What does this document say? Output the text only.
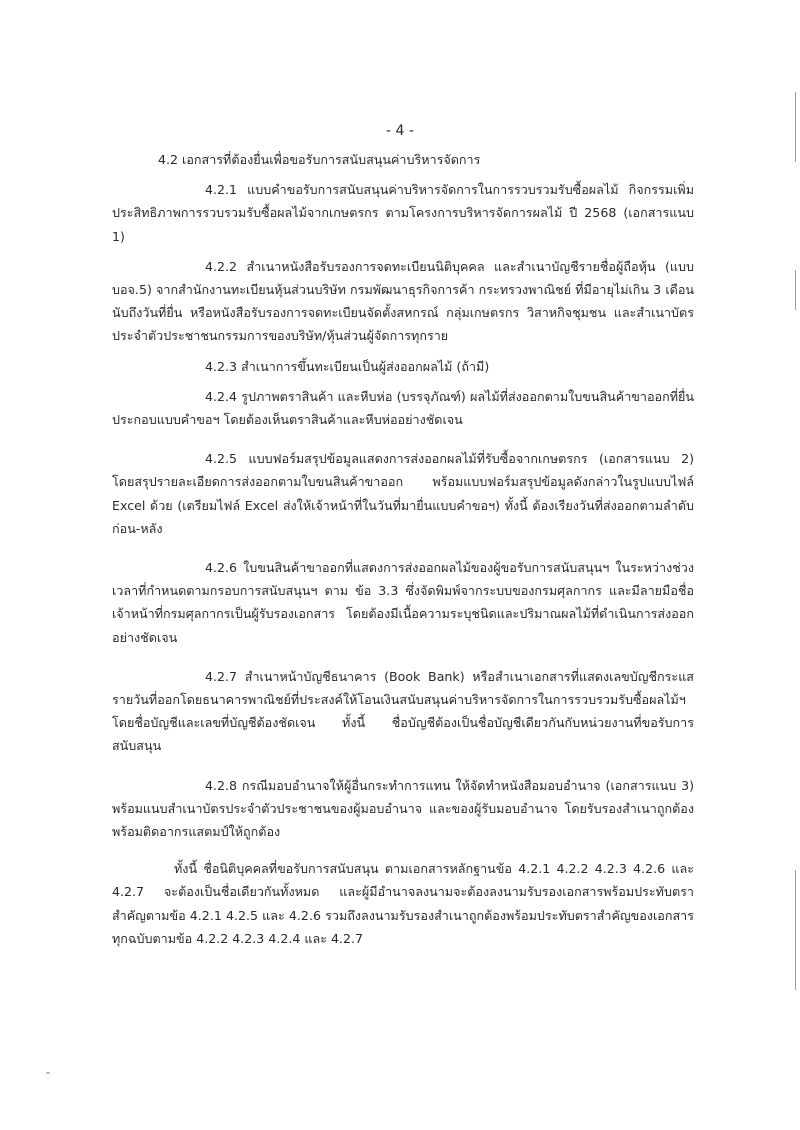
- 4 -

4.2 เอกสารที่ต้องยื่นเพื่อขอรับการสนับสนุนค่าบริหารจัดการ

4.2.1 แบบคำขอรับการสนับสนุนค่าบริหารจัดการในการรวบรวมรับซื้อผลไม้ กิจกรรมเพิ่มประสิทธิภาพการรวบรวมรับซื้อผลไม้จากเกษตรกร ตามโครงการบริหารจัดการผลไม้ ปี 2568 (เอกสารแนบ 1)

4.2.2 สำเนาหนังสือรับรองการจดทะเบียนนิติบุคคล และสำเนาบัญชีรายชื่อผู้ถือหุ้น (แบบ บอจ.5) จากสำนักงานทะเบียนหุ้นส่วนบริษัท กรมพัฒนาธุรกิจการค้า กระทรวงพาณิชย์ ที่มีอายุไม่เกิน 3 เดือน นับถึงวันที่ยื่น หรือหนังสือรับรองการจดทะเบียนจัดตั้งสหกรณ์ กลุ่มเกษตรกร วิสาหกิจชุมชน และสำเนาบัตรประจำตัวประชาชนกรรมการของบริษัท/หุ้นส่วนผู้จัดการทุกราย

4.2.3 สำเนาการขึ้นทะเบียนเป็นผู้ส่งออกผลไม้ (ถ้ามี)

4.2.4 รูปภาพตราสินค้า และหีบห่อ (บรรจุภัณฑ์) ผลไม้ที่ส่งออกตามใบขนสินค้าขาออกที่ยื่นประกอบแบบคำขอฯ โดยต้องเห็นตราสินค้าและหีบห่ออย่างชัดเจน

4.2.5 แบบฟอร์มสรุปข้อมูลแสดงการส่งออกผลไม้ที่รับซื้อจากเกษตรกร (เอกสารแนบ 2) โดยสรุปรายละเอียดการส่งออกตามใบขนสินค้าขาออก พร้อมแบบฟอร์มสรุปข้อมูลดังกล่าวในรูปแบบไฟล์ Excel ด้วย (เตรียมไฟล์ Excel ส่งให้เจ้าหน้าที่ในวันที่มายื่นแบบคำขอฯ) ทั้งนี้ ต้องเรียงวันที่ส่งออกตามลำดับก่อน-หลัง

4.2.6 ใบขนสินค้าขาออกที่แสดงการส่งออกผลไม้ของผู้ขอรับการสนับสนุนฯ ในระหว่างช่วงเวลาที่กำหนดตามกรอบการสนับสนุนฯ ตาม ข้อ 3.3 ซึ่งจัดพิมพ์จากระบบของกรมศุลกากร และมีลายมือชื่อเจ้าหน้าที่กรมศุลกากรเป็นผู้รับรองเอกสาร โดยต้องมีเนื้อความระบุชนิดและปริมาณผลไม้ที่ดำเนินการส่งออกอย่างชัดเจน

4.2.7 สำเนาหน้าบัญชีธนาคาร (Book Bank) หรือสำเนาเอกสารที่แสดงเลขบัญชีกระแสรายวันที่ออกโดยธนาคารพาณิชย์ที่ประสงค์ให้โอนเงินสนับสนุนค่าบริหารจัดการในการรวบรวมรับซื้อผลไม้ฯ โดยชื่อบัญชีและเลขที่บัญชีต้องชัดเจน ทั้งนี้ ชื่อบัญชีต้องเป็นชื่อบัญชีเดียวกันกับหน่วยงานที่ขอรับการสนับสนุน

4.2.8 กรณีมอบอำนาจให้ผู้อื่นกระทำการแทน ให้จัดทำหนังสือมอบอำนาจ (เอกสารแนบ 3) พร้อมแนบสำเนาบัตรประจำตัวประชาชนของผู้มอบอำนาจ และของผู้รับมอบอำนาจ โดยรับรองสำเนาถูกต้อง พร้อมติดอากรแสตมป์ให้ถูกต้อง

ทั้งนี้ ชื่อนิติบุคคลที่ขอรับการสนับสนุน ตามเอกสารหลักฐานข้อ 4.2.1 4.2.2 4.2.3 4.2.6 และ 4.2.7 จะต้องเป็นชื่อเดียวกันทั้งหมด และผู้มีอำนาจลงนามจะต้องลงนามรับรองเอกสารพร้อมประทับตราสำคัญตามข้อ 4.2.1 4.2.5 และ 4.2.6 รวมถึงลงนามรับรองสำเนาถูกต้องพร้อมประทับตราสำคัญของเอกสารทุกฉบับตามข้อ 4.2.2 4.2.3 4.2.4 และ 4.2.7
